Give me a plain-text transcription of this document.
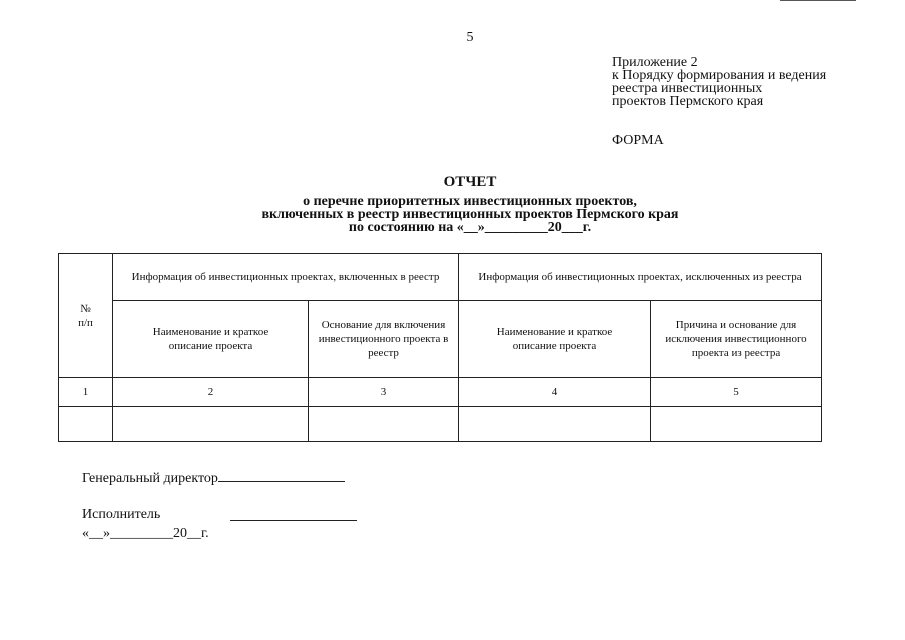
5
Приложение 2
к Порядку формирования и ведения
реестра инвестиционных
проектов Пермского края
ФОРМА
ОТЧЕТ
о перечне приоритетных инвестиционных проектов,
включенных в реестр инвестиционных проектов Пермского края
по состоянию на «__»_________20___г.
№
п/п	Информация об инвестиционных проектах, включенных в реестр		Информация об инвестиционных проектах, исключенных из реестра	
	Наименование и краткое описание проекта	Основание для включения инвестиционного проекта в реестр	Наименование и краткое описание проекта	Причина и основание для исключения инвестиционного проекта из реестра
1	2	3	4	5

Генеральный директор
Исполнитель
«__»_________20__г.
